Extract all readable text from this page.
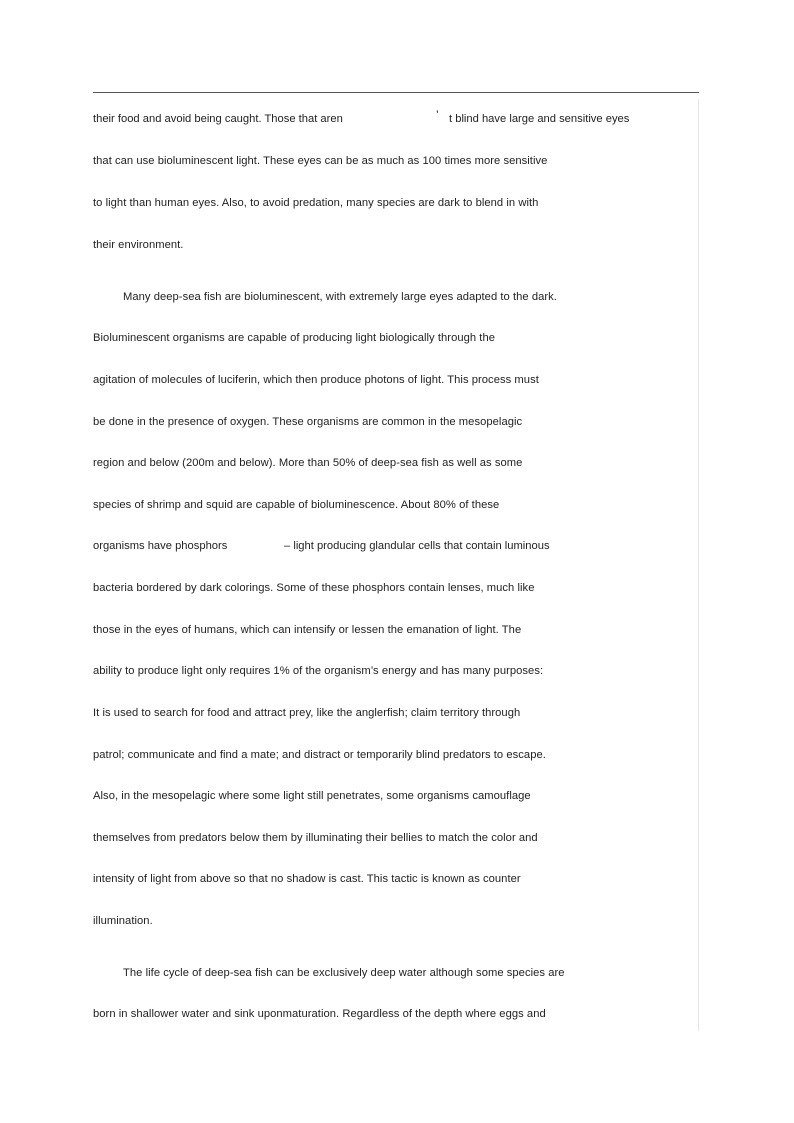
their food and avoid being caught. Those that aren	’ t blind have large and sensitive eyes
that can use bioluminescent light. These eyes can be as much as 100 times more sensitive
to light than human eyes. Also, to avoid predation, many species are dark to blend in with
their environment.
Many deep-sea fish are bioluminescent, with extremely large eyes adapted to the dark.
Bioluminescent organisms are capable of producing light biologically through the
agitation of molecules of luciferin, which then produce photons of light. This process must
be done in the presence of oxygen. These organisms are common in the mesopelagic
region and below (200m and below). More than 50% of deep-sea fish as well as some
species of shrimp and squid are capable of bioluminescence. About 80% of these
organisms have phosphors	– light producing glandular cells that contain luminous
bacteria bordered by dark colorings. Some of these phosphors contain lenses, much like
those in the eyes of humans, which can intensify or lessen the emanation of light. The
ability to produce light only requires 1% of the organism’s energy and has many purposes:
It is used to search for food and attract prey, like the anglerfish; claim territory through
patrol; communicate and find a mate; and distract or temporarily blind predators to escape.
Also, in the mesopelagic where some light still penetrates, some organisms camouflage
themselves from predators below them by illuminating their bellies to match the color and
intensity of light from above so that no shadow is cast. This tactic is known as counter
illumination.
The life cycle of deep-sea fish can be exclusively deep water although some species are
born in shallower water and sink uponmaturation. Regardless of the depth where eggs and
